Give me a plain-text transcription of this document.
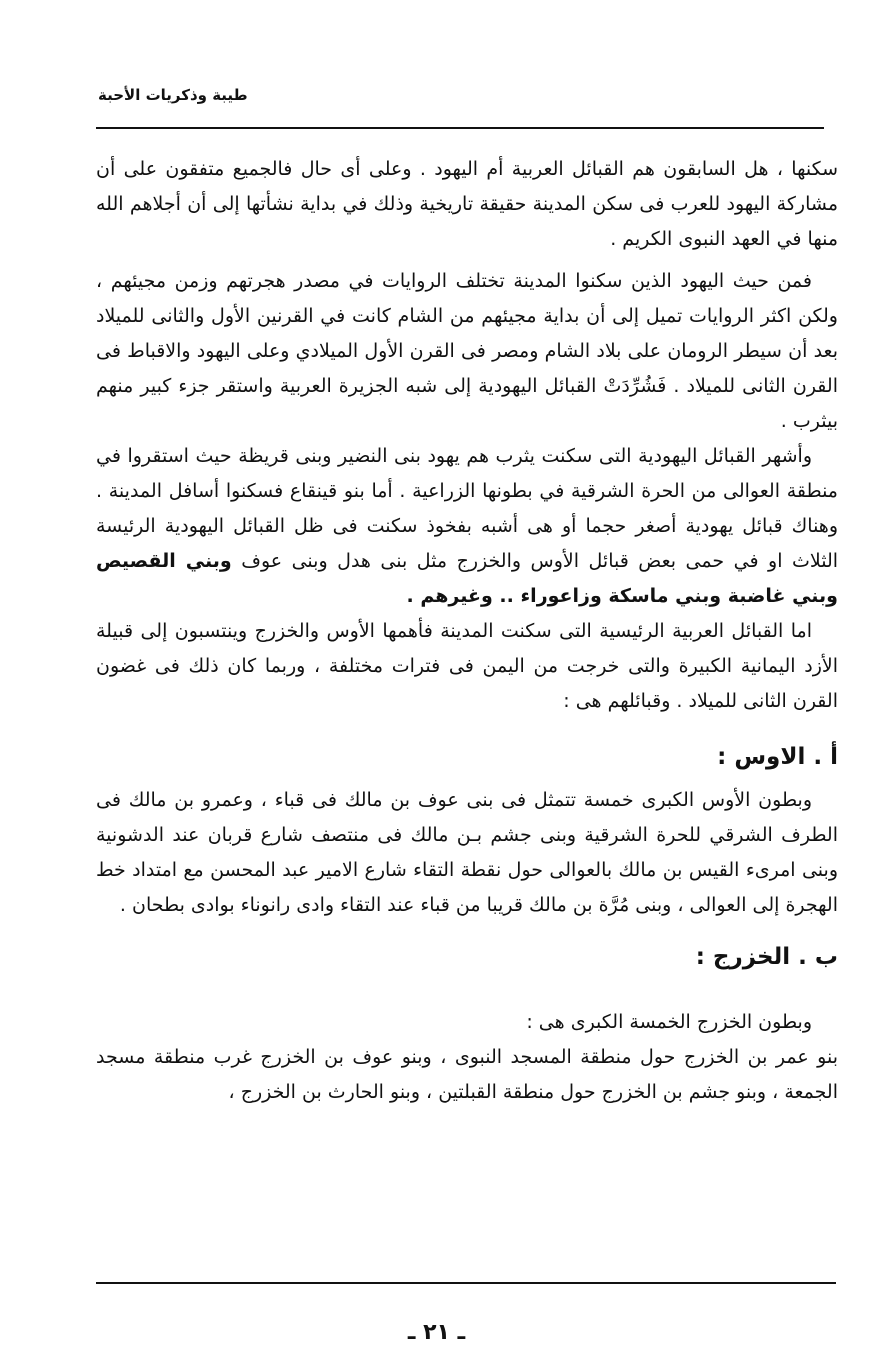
طيبة وذكريات الأحبة

سكنها ، هل السابقون هم القبائل العربية أم اليهود . وعلى أى حال فالجميع متفقون على أن مشاركة اليهود للعرب فى سكن المدينة حقيقة تاريخية وذلك في بداية نشأتها إلى أن أجلاهم الله منها في العهد النبوى الكريم .

فمن حيث اليهود الذين سكنوا المدينة تختلف الروايات في مصدر هجرتهم وزمن مجيئهم ، ولكن اكثر الروايات تميل إلى أن بداية مجيئهم من الشام كانت في القرنين الأول والثانى للميلاد بعد أن سيطر الرومان على بلاد الشام ومصر فى القرن الأول الميلادي وعلى اليهود والاقباط فى القرن الثانى للميلاد . فَشُرِّدَتْ القبائل اليهودية إلى شبه الجزيرة العربية واستقر جزء كبير منهم بيثرب .

وأشهر القبائل اليهودية التى سكنت يثرب هم يهود بنى النضير وبنى قريظة حيث استقروا في منطقة العوالى من الحرة الشرقية في بطونها الزراعية . أما بنو قينقاع فسكنوا أسافل المدينة . وهناك قبائل يهودية أصغر حجما أو هى أشبه بفخوذ سكنت فى ظل القبائل اليهودية الرئيسة الثلاث او في حمى بعض قبائل الأوس والخزرج مثل بنى هدل وبنى عوف وبني القصيص وبني غاضبة وبني ماسكة وزاعوراء .. وغيرهم .

اما القبائل العربية الرئيسية التى سكنت المدينة فأهمها الأوس والخزرج وينتسبون إلى قبيلة الأزد اليمانية الكبيرة والتى خرجت من اليمن فى فترات مختلفة ، وربما كان ذلك فى غضون القرن الثانى للميلاد . وقبائلهم هى :

أ . الاوس :

وبطون الأوس الكبرى خمسة تتمثل فى بنى عوف بن مالك فى قباء ، وعمرو بن مالك فى الطرف الشرقي للحرة الشرقية وبنى جشم بـن مالك فى منتصف شارع قربان عند الدشونية وبنى امرىء القيس بن مالك بالعوالى حول نقطة التقاء شارع الامير عبد المحسن مع امتداد خط الهجرة إلى العوالى ، وبنى مُرَّة بن مالك قريبا من قباء عند التقاء وادى رانوناء بوادى بطحان .

ب . الخزرج :

وبطون الخزرج الخمسة الكبرى هى :

بنو عمر بن الخزرج حول منطقة المسجد النبوى ، وبنو عوف بن الخزرج غرب منطقة مسجد الجمعة ، وبنو جشم بن الخزرج حول منطقة القبلتين ، وبنو الحارث بن الخزرج ،

ـ ٢١ ـ
